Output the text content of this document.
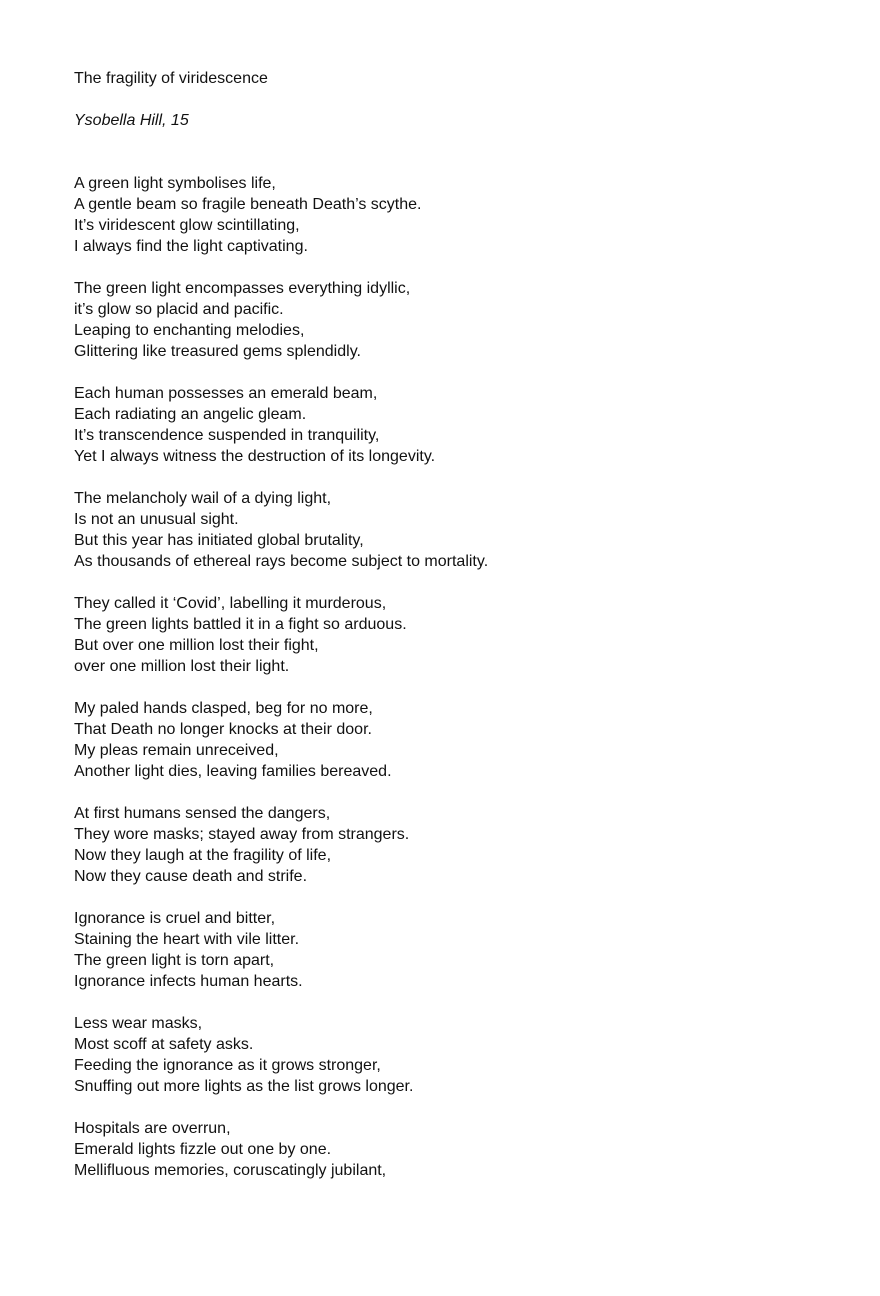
The fragility of viridescence

Ysobella Hill, 15

A green light symbolises life,
A gentle beam so fragile beneath Death’s scythe.
It’s viridescent glow scintillating,
I always find the light captivating.
The green light encompasses everything idyllic,
it’s glow so placid and pacific.
Leaping to enchanting melodies,
Glittering like treasured gems splendidly.
Each human possesses an emerald beam,
Each radiating an angelic gleam.
It’s transcendence suspended in tranquility,
Yet I always witness the destruction of its longevity.
The melancholy wail of a dying light,
Is not an unusual sight.
But this year has initiated global brutality,
As thousands of ethereal rays become subject to mortality.
They called it ‘Covid’, labelling it murderous,
The green lights battled it in a fight so arduous.
But over one million lost their fight,
over one million lost their light.
My paled hands clasped, beg for no more,
That Death no longer knocks at their door.
My pleas remain unreceived,
Another light dies, leaving families bereaved.
At first humans sensed the dangers,
They wore masks; stayed away from strangers.
Now they laugh at the fragility of life,
Now they cause death and strife.
Ignorance is cruel and bitter,
Staining the heart with vile litter.
The green light is torn apart,
Ignorance infects human hearts.
Less wear masks,
Most scoff at safety asks.
Feeding the ignorance as it grows stronger,
Snuffing out more lights as the list grows longer.
Hospitals are overrun,
Emerald lights fizzle out one by one.
Mellifluous memories, coruscatingly jubilant,
